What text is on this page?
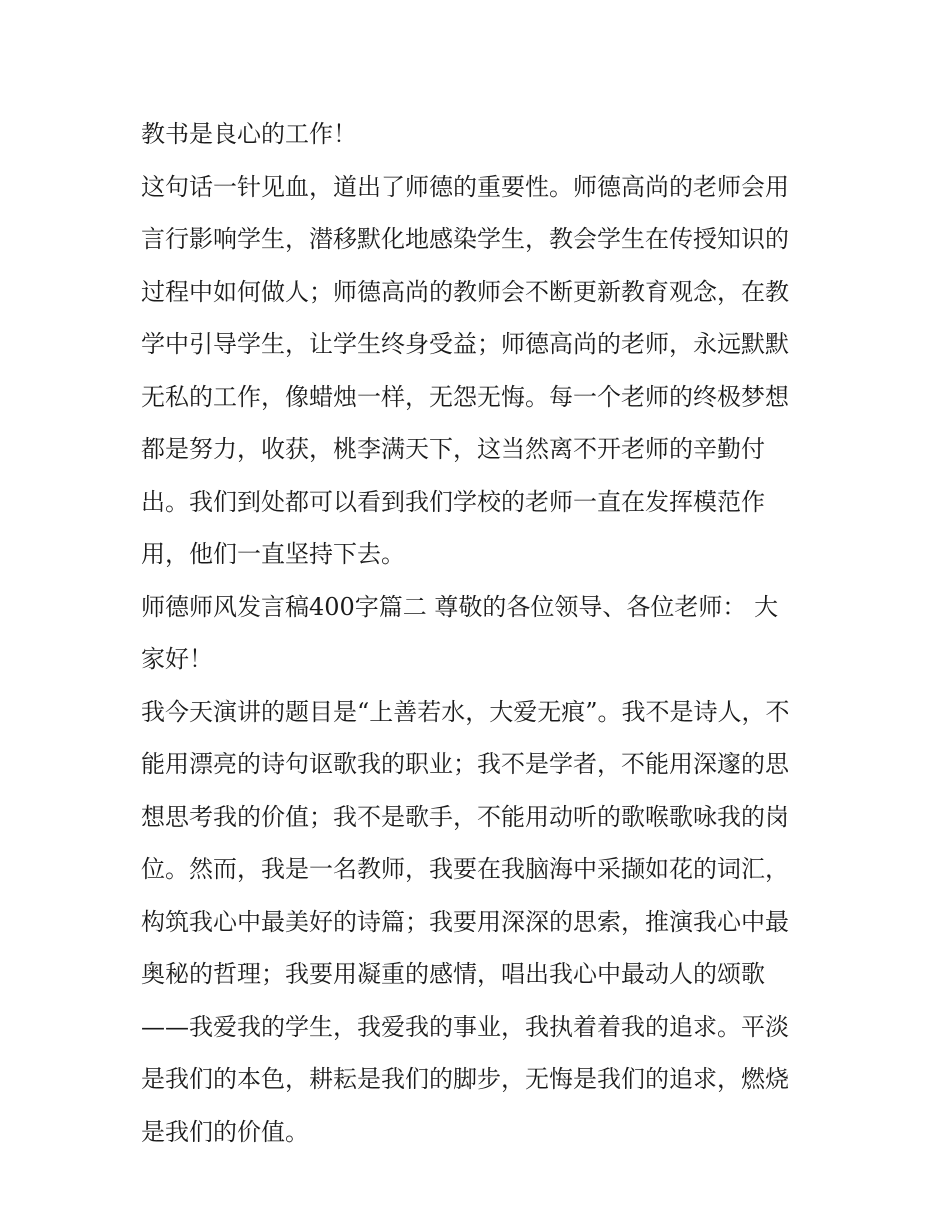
教书是良心的工作！
这句话一针见血，道出了师德的重要性。师德高尚的老师会用
言行影响学生，潜移默化地感染学生，教会学生在传授知识的
过程中如何做人；师德高尚的教师会不断更新教育观念，在教
学中引导学生，让学生终身受益；师德高尚的老师，永远默默
无私的工作，像蜡烛一样，无怨无悔。每一个老师的终极梦想
都是努力，收获，桃李满天下，这当然离不开老师的辛勤付
出。我们到处都可以看到我们学校的老师一直在发挥模范作
用，他们一直坚持下去。
师德师风发言稿400字篇二 尊敬的各位领导、各位老师： 大
家好！
我今天演讲的题目是“上善若水，大爱无痕”。我不是诗人，不
能用漂亮的诗句讴歌我的职业；我不是学者，不能用深邃的思
想思考我的价值；我不是歌手，不能用动听的歌喉歌咏我的岗
位。然而，我是一名教师，我要在我脑海中采撷如花的词汇，
构筑我心中最美好的诗篇；我要用深深的思索，推演我心中最
奥秘的哲理；我要用凝重的感情，唱出我心中最动人的颂歌
——我爱我的学生，我爱我的事业，我执着着我的追求。平淡
是我们的本色，耕耘是我们的脚步，无悔是我们的追求，燃烧
是我们的价值。
